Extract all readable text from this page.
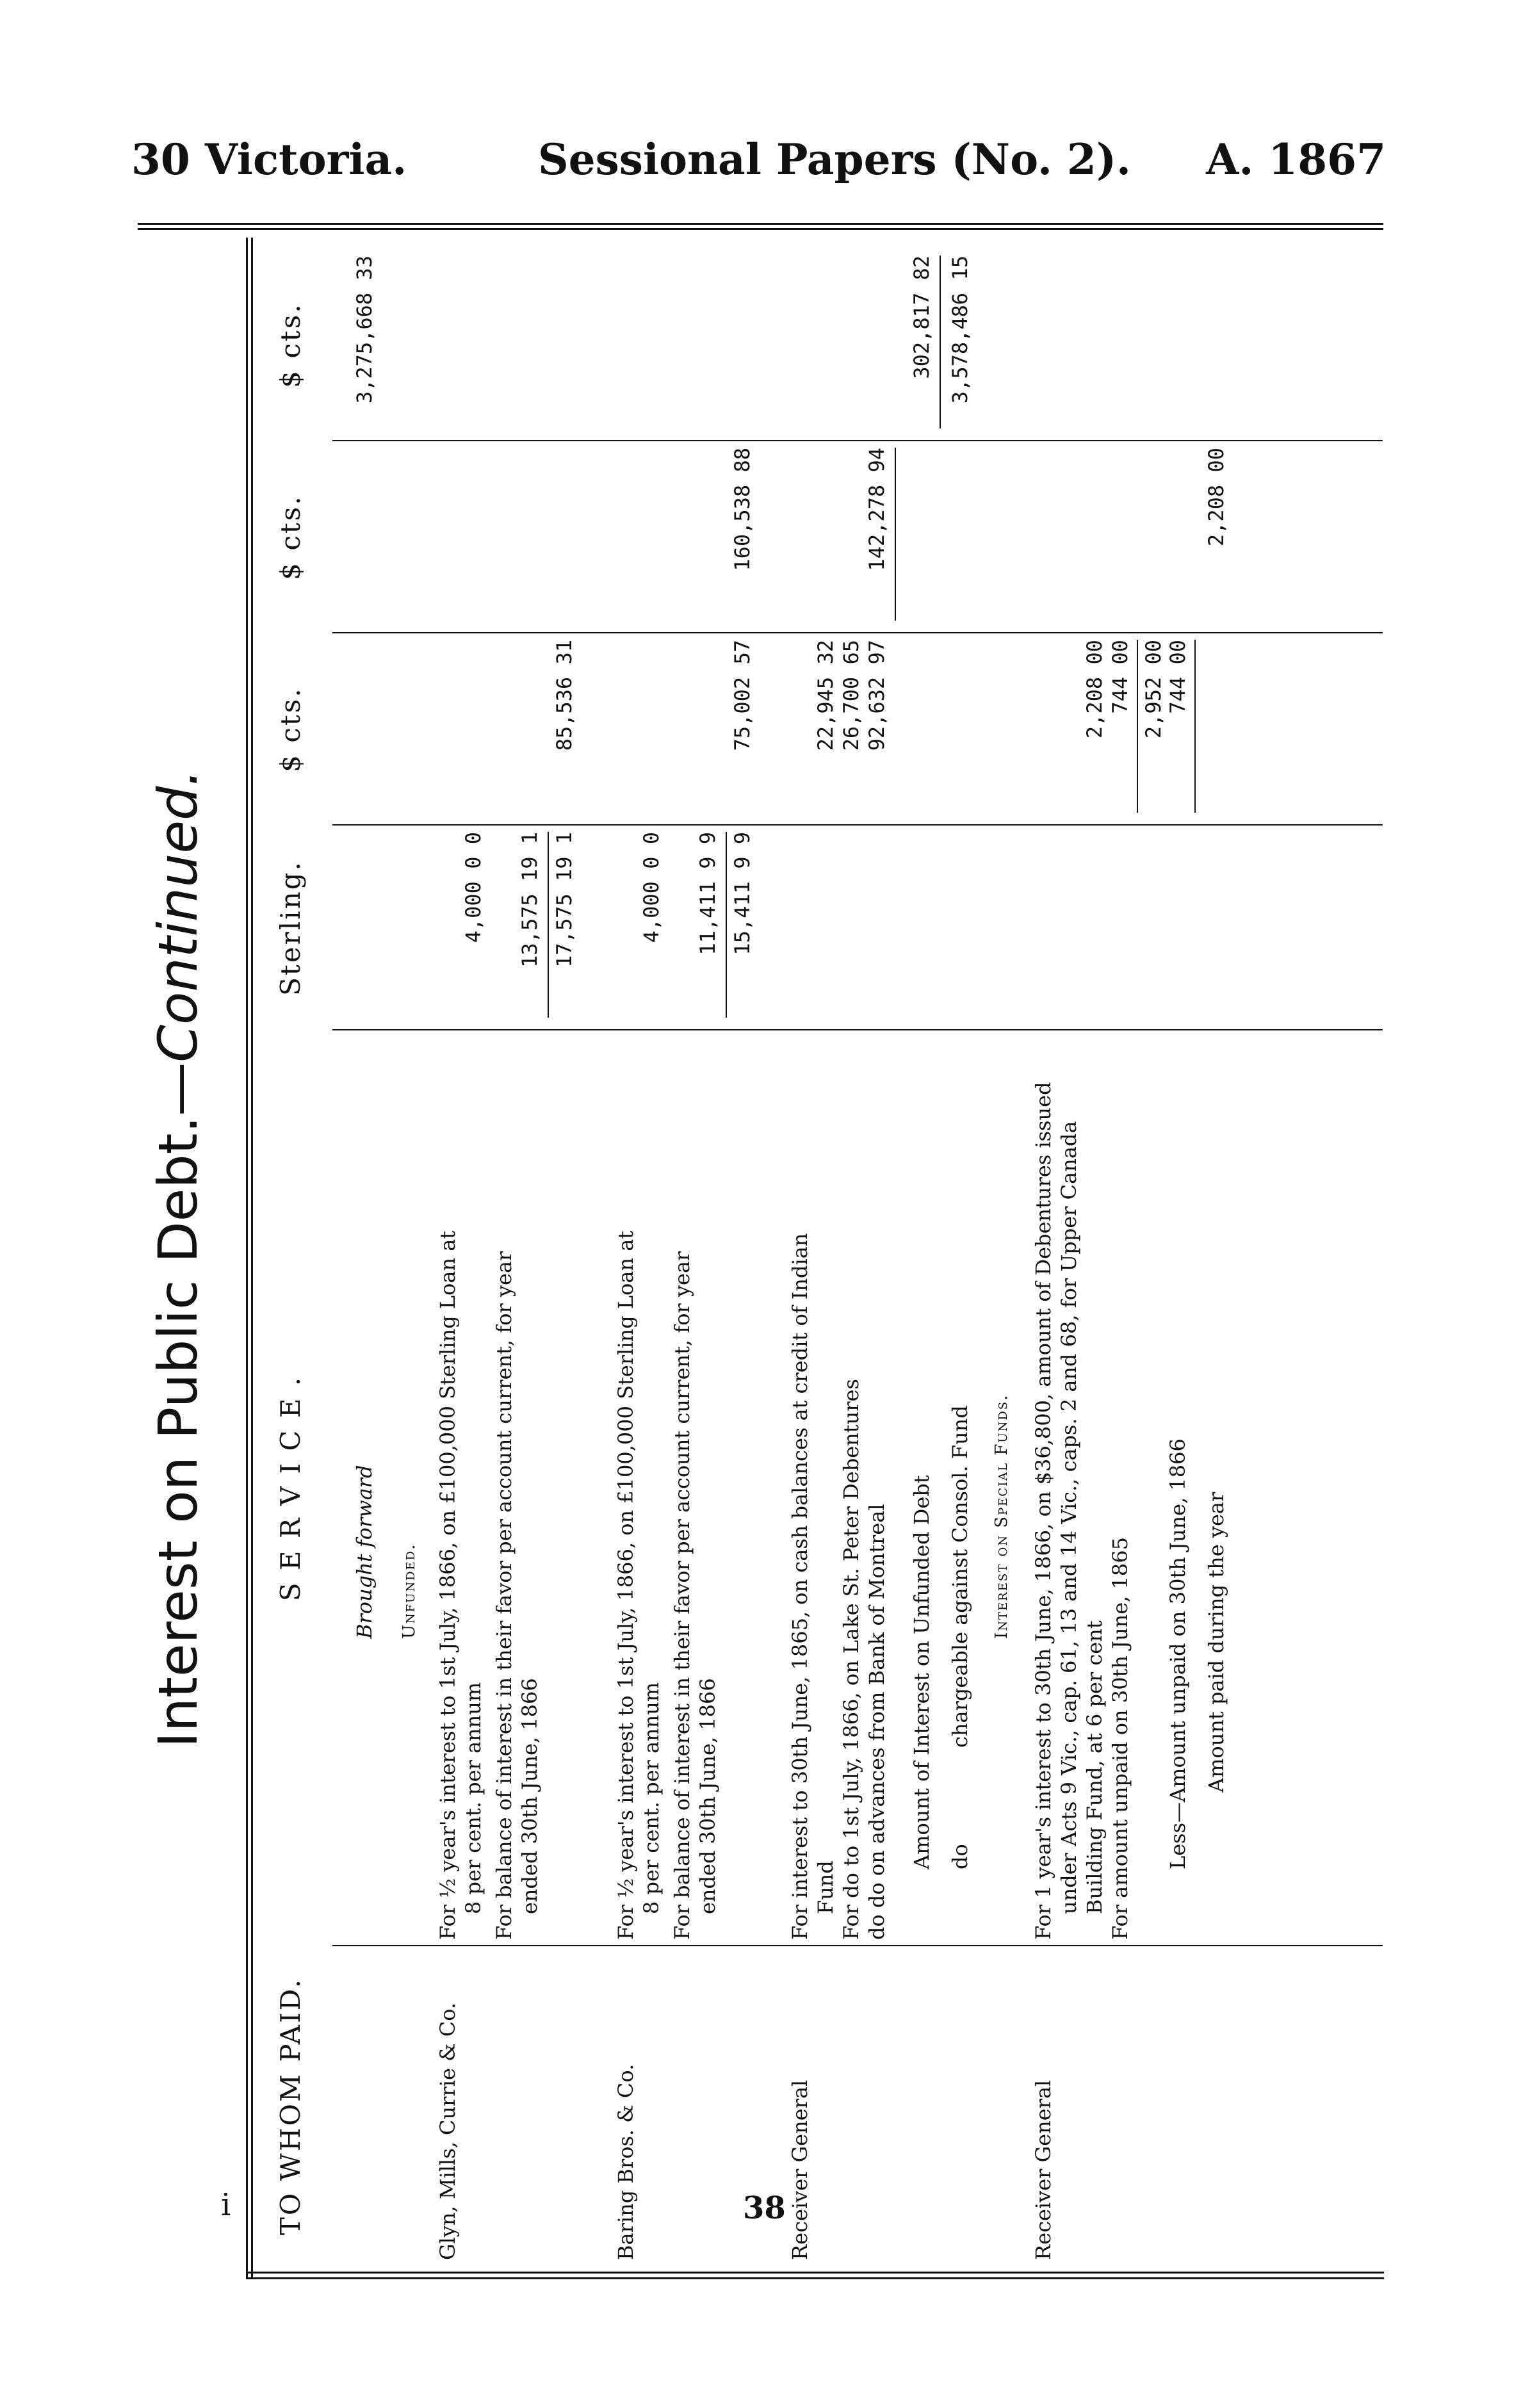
30 Victoria.	Sessional Papers (No. 2). A. 1867
Interest on Public Debt.—Continued.
TO WHOM PAID.
S E R V I C E .
Sterling.
$ cts.
$ cts.
$ cts.
Brought forward
3,275,668 33
Unfunded.
Glyn, Mills, Currie & Co.
For ½ year's interest to 1st July, 1866, on £100,000 Sterling Loan at 8 per cent. per annum
4,000 0 0
For balance of interest in their favor per account current, for year ended 30th June, 1866
13,575 19 1 17,575 19 1
85,536 31
Baring Bros. & Co.
For ½ year's interest to 1st July, 1866, on £100,000 Sterling Loan at 8 per cent. per annum
4,000 0 0
For balance of interest in their favor per account current, for year ended 30th June, 1866
11,411 9 9 15,411 9 9
75,002 57
160,538 88
Receiver General
For interest to 30th June, 1865, on cash balances at credit of Indian Fund
22,945 32
For do to 1st July, 1866, on Lake St. Peter Debentures
26,700 65
do do on advances from Bank of Montreal
92,632 97
142,278 94
Amount of Interest on Unfunded Debt
302,817 82
do
chargeable against Consol. Fund
3,578,486 15
Interest on Special Funds.
Receiver General
For 1 year's interest to 30th June, 1866, on $36,800, amount of Debentures issued under Acts 9 Vic., cap. 61, 13 and 14 Vic., caps. 2 and 68, for Upper Canada Building Fund, at 6 per cent
2,208 00
For amount unpaid on 30th June, 1865
744 00 2,952 00
Less—Amount unpaid on 30th June, 1866
744 00
Amount paid during the year
2,208 00
i	38
